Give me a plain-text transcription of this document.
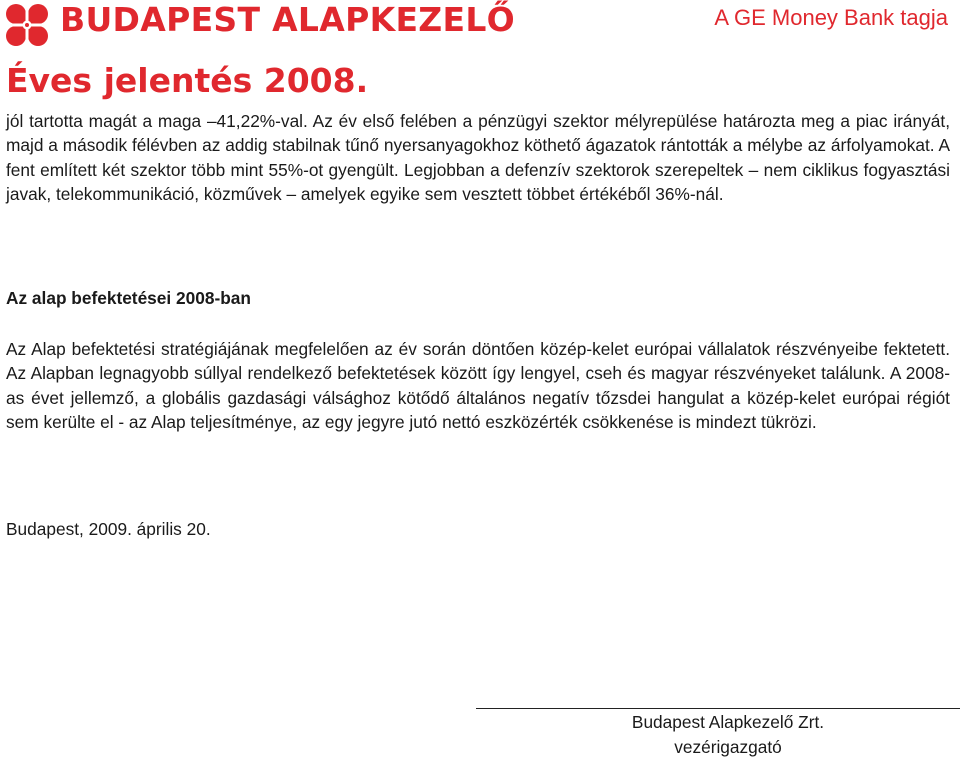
BUDAPEST ALAPKEZELŐ	A GE Money Bank tagja
Éves jelentés 2008.

jól tartotta magát a maga –41,22%-val. Az év első felében a pénzügyi szektor mélyrepülése határozta meg a piac irányát, majd a második félévben az addig stabilnak tűnő nyersanyagokhoz köthető ágazatok rántották a mélybe az árfolyamokat. A fent említett két szektor több mint 55%-ot gyengült. Legjobban a defenzív szektorok szerepeltek – nem ciklikus fogyasztási javak, telekommunikáció, közművek – amelyek egyike sem vesztett többet értékéből 36%-nál.

Az alap befektetései 2008-ban

Az Alap befektetési stratégiájának megfelelően az év során döntően közép-kelet európai vállalatok részvényeibe fektetett. Az Alapban legnagyobb súllyal rendelkező befektetések között így lengyel, cseh és magyar részvényeket találunk. A 2008-as évet jellemző, a globális gazdasági válsághoz kötődő általános negatív tőzsdei hangulat a közép-kelet európai régiót sem kerülte el - az Alap teljesítménye, az egy jegyre jutó nettó eszközérték csökkenése is mindezt tükrözi.

Budapest, 2009. április 20.

Budapest Alapkezelő Zrt.
vezérigazgató
